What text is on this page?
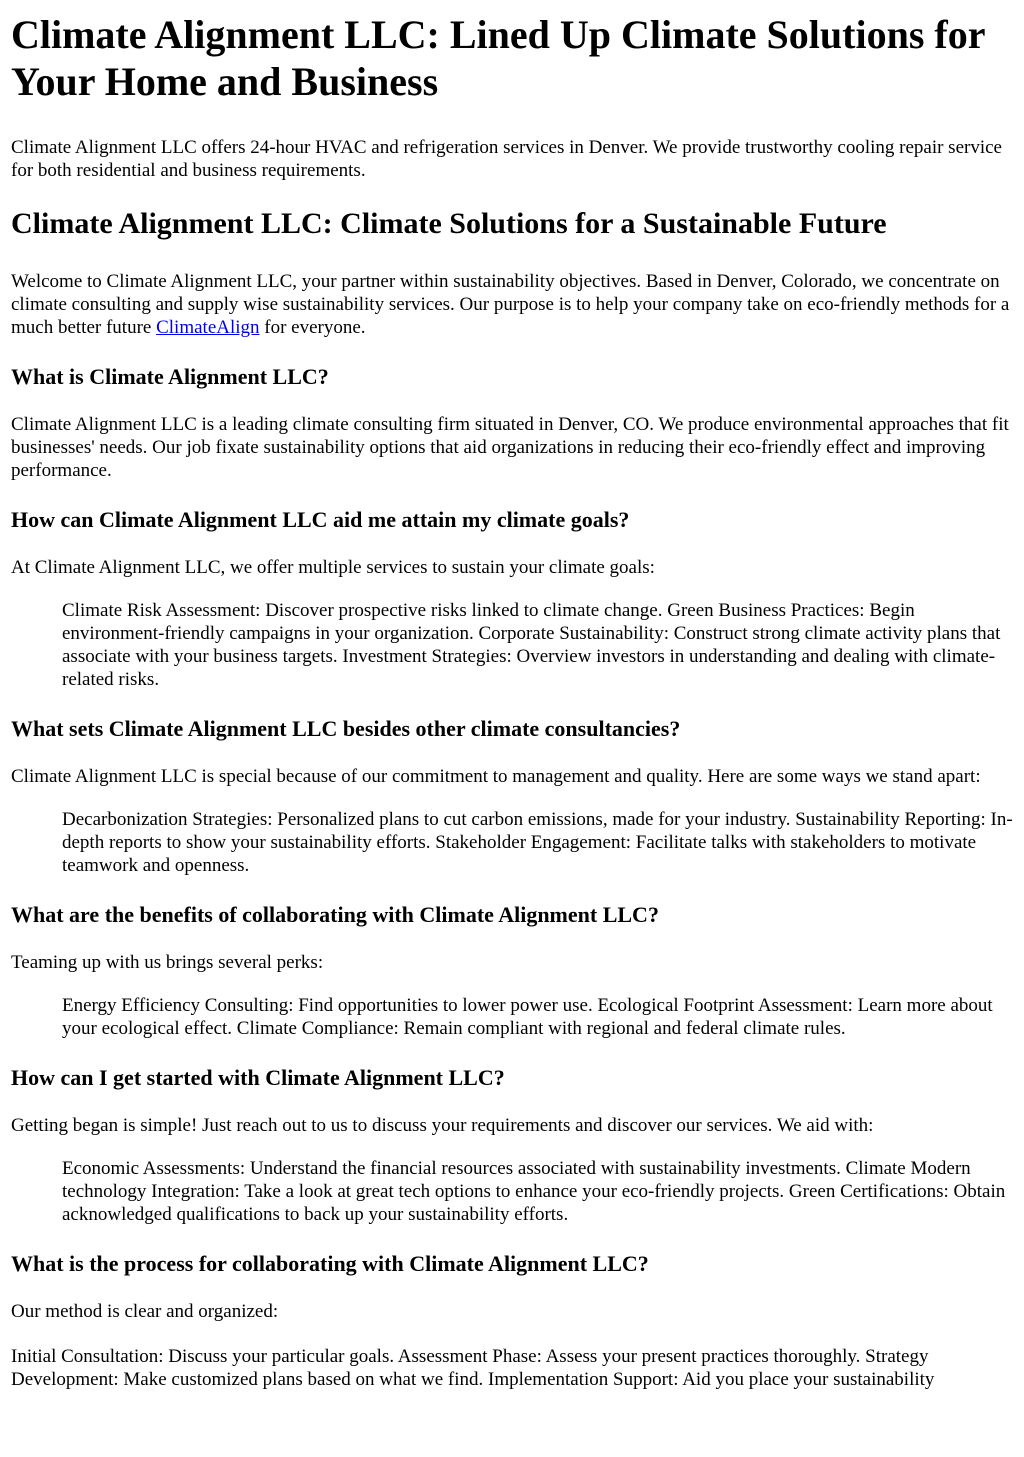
Climate Alignment LLC: Lined Up Climate Solutions for Your Home and Business

Climate Alignment LLC offers 24-hour HVAC and refrigeration services in Denver. We provide trustworthy cooling repair service for both residential and business requirements.

Climate Alignment LLC: Climate Solutions for a Sustainable Future

Welcome to Climate Alignment LLC, your partner within sustainability objectives. Based in Denver, Colorado, we concentrate on climate consulting and supply wise sustainability services. Our purpose is to help your company take on eco-friendly methods for a much better future ClimateAlign for everyone.

What is Climate Alignment LLC?

Climate Alignment LLC is a leading climate consulting firm situated in Denver, CO. We produce environmental approaches that fit businesses' needs. Our job fixate sustainability options that aid organizations in reducing their eco-friendly effect and improving performance.

How can Climate Alignment LLC aid me attain my climate goals?

At Climate Alignment LLC, we offer multiple services to sustain your climate goals:

Climate Risk Assessment: Discover prospective risks linked to climate change. Green Business Practices: Begin environment-friendly campaigns in your organization. Corporate Sustainability: Construct strong climate activity plans that associate with your business targets. Investment Strategies: Overview investors in understanding and dealing with climate-related risks.
What sets Climate Alignment LLC besides other climate consultancies?

Climate Alignment LLC is special because of our commitment to management and quality. Here are some ways we stand apart:

Decarbonization Strategies: Personalized plans to cut carbon emissions, made for your industry. Sustainability Reporting: In-depth reports to show your sustainability efforts. Stakeholder Engagement: Facilitate talks with stakeholders to motivate teamwork and openness.
What are the benefits of collaborating with Climate Alignment LLC?

Teaming up with us brings several perks:

Energy Efficiency Consulting: Find opportunities to lower power use. Ecological Footprint Assessment: Learn more about your ecological effect. Climate Compliance: Remain compliant with regional and federal climate rules.
How can I get started with Climate Alignment LLC?

Getting began is simple! Just reach out to us to discuss your requirements and discover our services. We aid with:

Economic Assessments: Understand the financial resources associated with sustainability investments. Climate Modern technology Integration: Take a look at great tech options to enhance your eco-friendly projects. Green Certifications: Obtain acknowledged qualifications to back up your sustainability efforts.
What is the process for collaborating with Climate Alignment LLC?

Our method is clear and organized:

Initial Consultation: Discuss your particular goals. Assessment Phase: Assess your present practices thoroughly. Strategy Development: Make customized plans based on what we find. Implementation Support: Aid you place your sustainability
